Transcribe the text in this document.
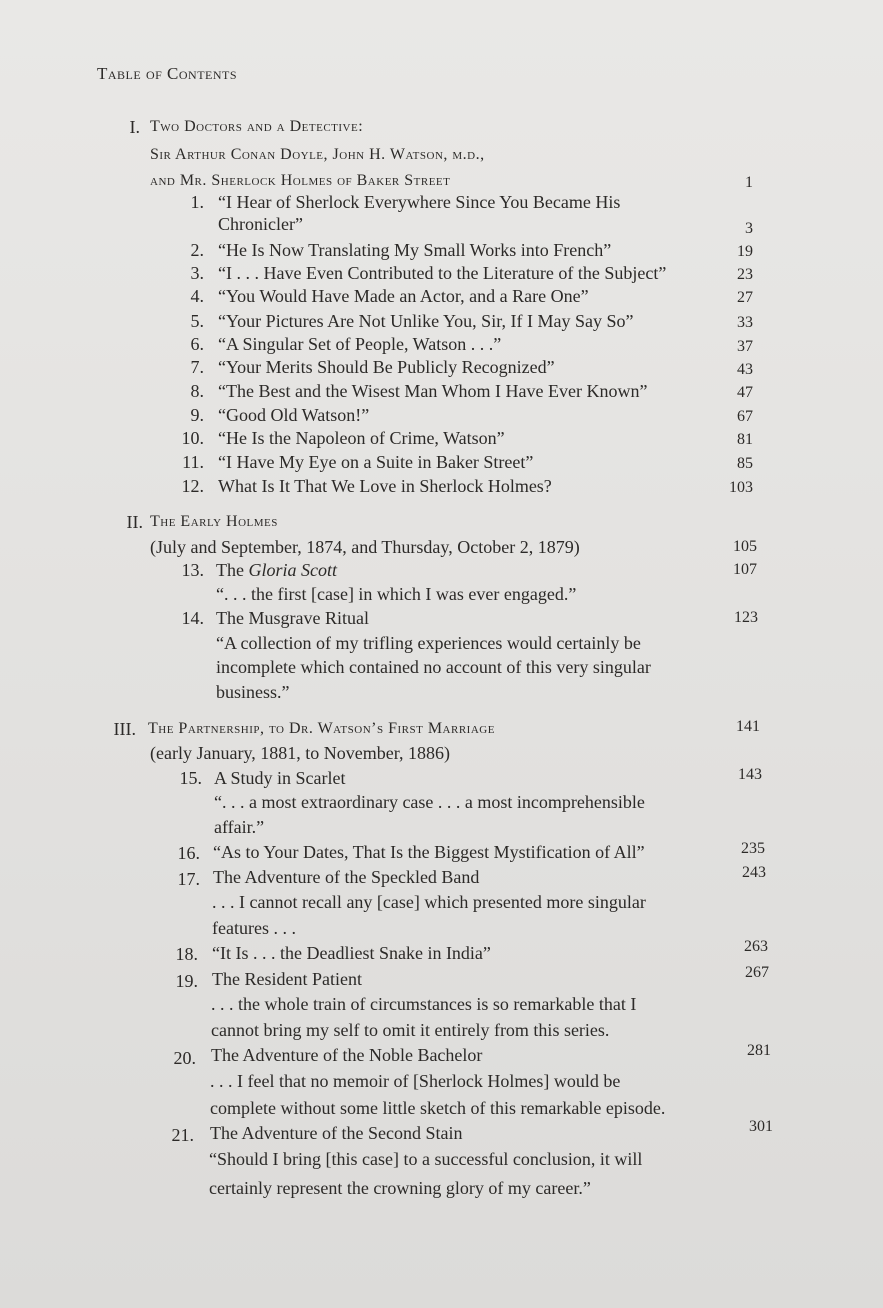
Table of Contents
I. Two Doctors and a Detective:
Sir Arthur Conan Doyle, John H. Watson, m.d.,
and Mr. Sherlock Holmes of Baker Street	1
1. “I Hear of Sherlock Everywhere Since You Became His
Chronicler”	3
2. “He Is Now Translating My Small Works into French”	19
3. “I . . . Have Even Contributed to the Literature of the Subject”	23
4. “You Would Have Made an Actor, and a Rare One”	27
5. “Your Pictures Are Not Unlike You, Sir, If I May Say So”	33
6. “A Singular Set of People, Watson . . .”	37
7. “Your Merits Should Be Publicly Recognized”	43
8. “The Best and the Wisest Man Whom I Have Ever Known”	47
9. “Good Old Watson!”	67
10. “He Is the Napoleon of Crime, Watson”	81
11. “I Have My Eye on a Suite in Baker Street”	85
12. What Is It That We Love in Sherlock Holmes?	103
II. The Early Holmes
(July and September, 1874, and Thursday, October 2, 1879)	105
13. The Gloria Scott	107
“. . . the first [case] in which I was ever engaged.”
14. The Musgrave Ritual	123
“A collection of my trifling experiences would certainly be
incomplete which contained no account of this very singular
business.”
III. The Partnership, to Dr. Watson’s First Marriage	141
(early January, 1881, to November, 1886)
15. A Study in Scarlet	143
“. . . a most extraordinary case . . . a most incomprehensible
affair.”
16. “As to Your Dates, That Is the Biggest Mystification of All”	235
17. The Adventure of the Speckled Band	243
. . . I cannot recall any [case] which presented more singular
features . . .
18. “It Is . . . the Deadliest Snake in India”	263
19. The Resident Patient	267
. . . the whole train of circumstances is so remarkable that I
cannot bring my self to omit it entirely from this series.
20. The Adventure of the Noble Bachelor	281
. . . I feel that no memoir of [Sherlock Holmes] would be
complete without some little sketch of this remarkable episode.
21. The Adventure of the Second Stain	301
“Should I bring [this case] to a successful conclusion, it will
certainly represent the crowning glory of my career.”
